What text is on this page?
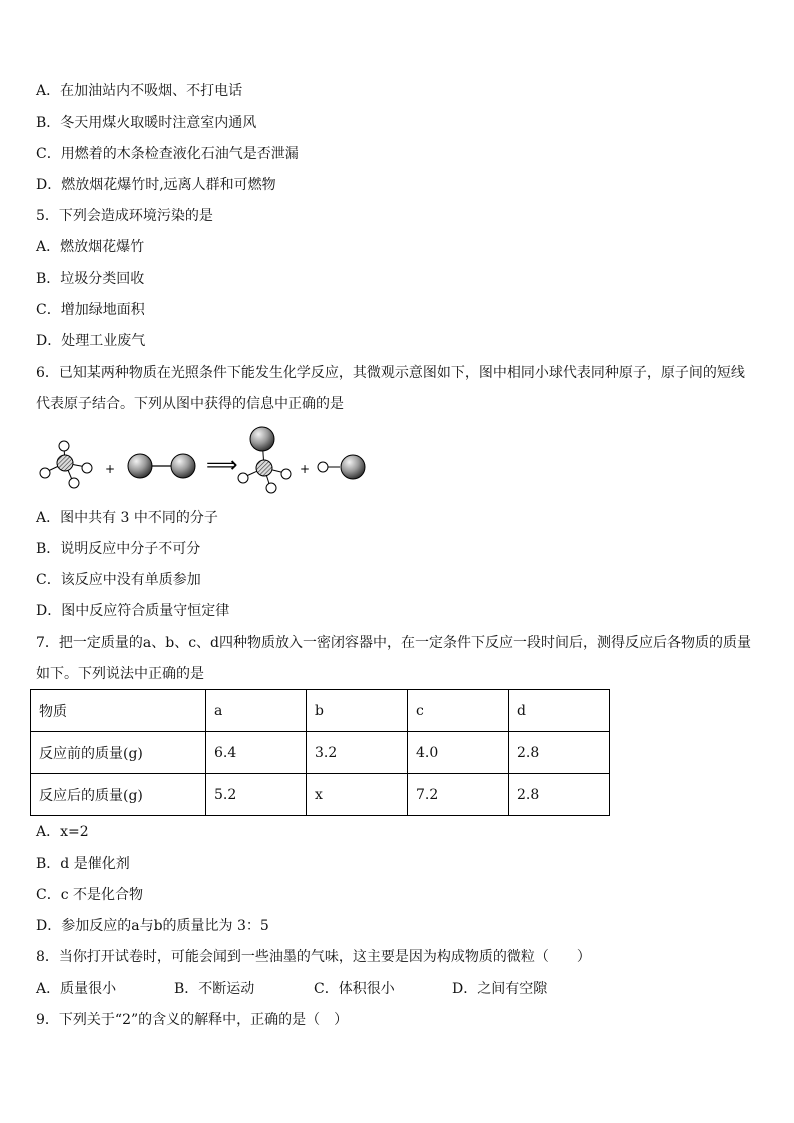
A．在加油站内不吸烟、不打电话
B．冬天用煤火取暖时注意室内通风
C．用燃着的木条检查液化石油气是否泄漏
D．燃放烟花爆竹时,远离人群和可燃物
5．下列会造成环境污染的是
A．燃放烟花爆竹
B．垃圾分类回收
C．增加绿地面积
D．处理工业废气
6．已知某两种物质在光照条件下能发生化学反应，其微观示意图如下，图中相同小球代表同种原子，原子间的短线代表原子结合。下列从图中获得的信息中正确的是
+	⟹	+
A．图中共有 3 中不同的分子
B．说明反应中分子不可分
C．该反应中没有单质参加
D．图中反应符合质量守恒定律
7．把一定质量的a、b、c、d四种物质放入一密闭容器中，在一定条件下反应一段时间后，测得反应后各物质的质量如下。下列说法中正确的是
物质	a	b	c	d
反应前的质量(g)	6.4	3.2	4.0	2.8
反应后的质量(g)	5.2	x	7.2	2.8
A．x=2
B．d 是催化剂
C．c 不是化合物
D．参加反应的a与b的质量比为 3：5
8．当你打开试卷时，可能会闻到一些油墨的气味，这主要是因为构成物质的微粒（　　）
A．质量很小	B．不断运动	C．体积很小	D．之间有空隙
9．下列关于“2”的含义的解释中，正确的是（　）
